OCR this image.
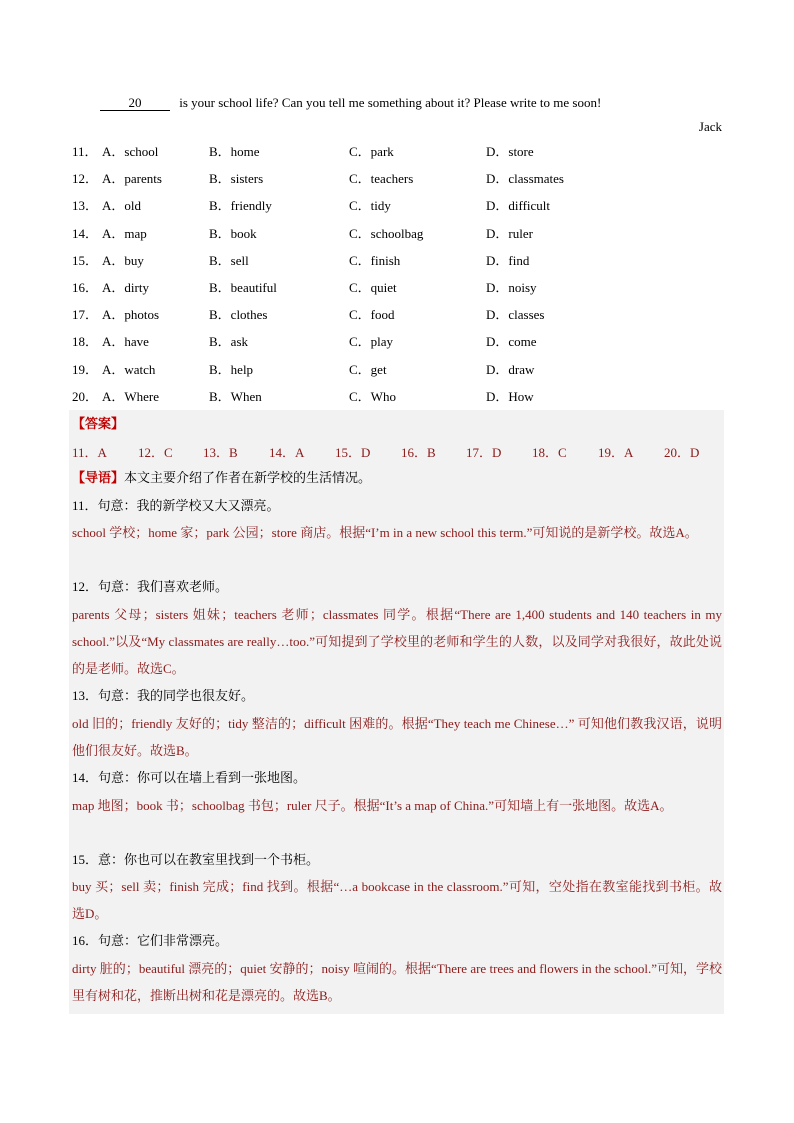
20	is your school life? Can you tell me something about it? Please write to me soon!
Jack
11． A．school	B．home	C．park	D．store
12． A．parents	B．sisters	C．teachers	D．classmates
13． A．old	B．friendly	C．tidy	D．difficult
14． A．map	B．book	C．schoolbag	D．ruler
15． A．buy	B．sell	C．finish	D．find
16． A．dirty	B．beautiful	C．quiet	D．noisy
17． A．photos	B．clothes	C．food	D．classes
18． A．have	B．ask	C．play	D．come
19． A．watch	B．help	C．get	D．draw
20． A．Where	B．When	C．Who	D．How
【答案】
11．A 12．C 13．B 14．A 15．D 16．B 17．D 18．C 19．A 20．D
【导语】本文主要介绍了作者在新学校的生活情况。
11．句意：我的新学校又大又漂亮。
school 学校；home 家；park 公园；store 商店。根据“I’m in a new school this term.”可知说的是新学校。故选A。
12．句意：我们喜欢老师。
parents 父母；sisters 姐妹；teachers 老师；classmates 同学。根据“There are 1,400 students and 140 teachers in my school.”以及“My classmates are really…too.”可知提到了学校里的老师和学生的人数，以及同学对我很好，故此处说的是老师。故选C。
13．句意：我的同学也很友好。
old 旧的；friendly 友好的；tidy 整洁的；difficult 困难的。根据“They teach me Chinese…” 可知他们教我汉语，说明他们很友好。故选B。
14．句意：你可以在墙上看到一张地图。
map 地图；book 书；schoolbag 书包；ruler 尺子。根据“It’s a map of China.”可知墙上有一张地图。故选A。
15．意：你也可以在教室里找到一个书柜。
buy 买；sell 卖；finish 完成；find 找到。根据“…a bookcase in the classroom.”可知，空处指在教室能找到书柜。故选D。
16．句意：它们非常漂亮。
dirty 脏的；beautiful 漂亮的；quiet 安静的；noisy 喧闹的。根据“There are trees and flowers in the school.”可知，学校里有树和花，推断出树和花是漂亮的。故选B。
